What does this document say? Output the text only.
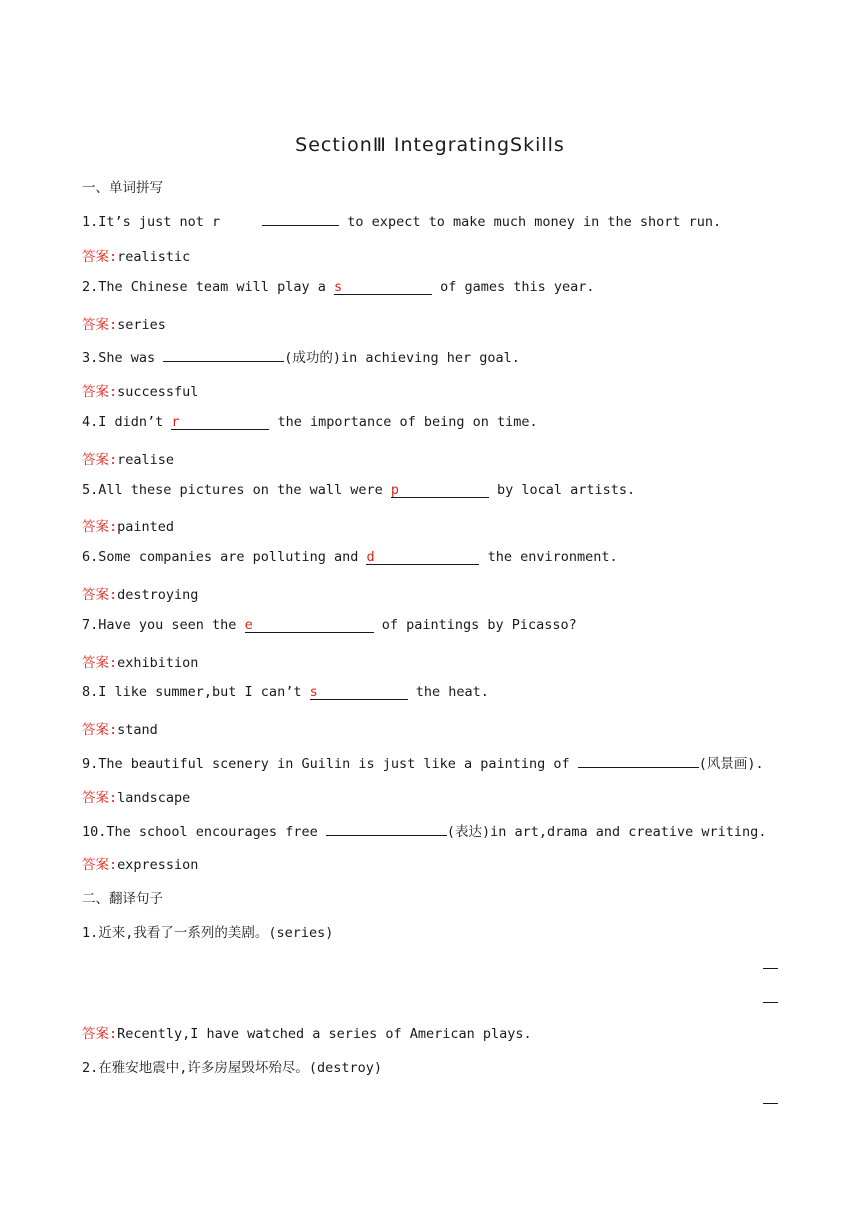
SectionⅢ IntegratingSkills
一、单词拼写
1.It’s just not r	to expect to make much money in the short run.
答案:realistic
2.The Chinese team will play a s	of games this year.
答案:series
3.She was	(成功的)in achieving her goal.
答案:successful
4.I didn’t r	the importance of being on time.
答案:realise
5.All these pictures on the wall were p	by local artists.
答案:painted
6.Some companies are polluting and d	the environment.
答案:destroying
7.Have you seen the e	of paintings by Picasso?
答案:exhibition
8.I like summer,but I can’t s	the heat.
答案:stand
9.The beautiful scenery in Guilin is just like a painting of	(风景画).
答案:landscape
10.The school encourages free	(表达)in art,drama and creative writing.
答案:expression
二、翻译句子
1.近来,我看了一系列的美剧。(series)
答案:Recently,I have watched a series of American plays.
2.在雅安地震中,许多房屋毁坏殆尽。(destroy)
